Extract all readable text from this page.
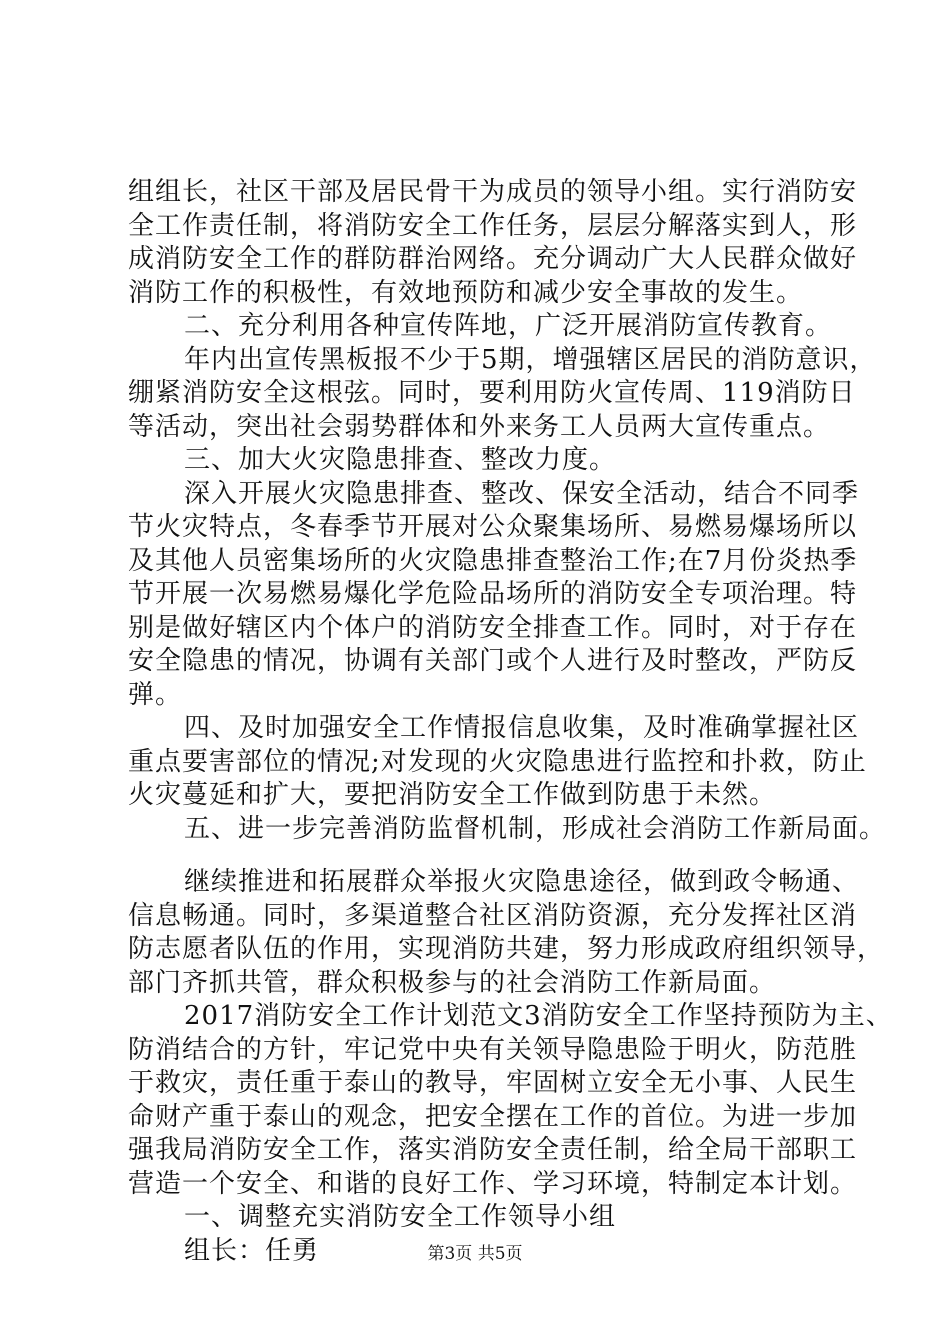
组组长，社区干部及居民骨干为成员的领导小组。实行消防安
全工作责任制，将消防安全工作任务，层层分解落实到人，形
成消防安全工作的群防群治网络。充分调动广大人民群众做好
消防工作的积极性，有效地预防和减少安全事故的发生。
二、充分利用各种宣传阵地，广泛开展消防宣传教育。
年内出宣传黑板报不少于5期，增强辖区居民的消防意识，
绷紧消防安全这根弦。同时，要利用防火宣传周、119消防日
等活动，突出社会弱势群体和外来务工人员两大宣传重点。
三、加大火灾隐患排查、整改力度。
深入开展火灾隐患排查、整改、保安全活动，结合不同季
节火灾特点，冬春季节开展对公众聚集场所、易燃易爆场所以
及其他人员密集场所的火灾隐患排查整治工作;在7月份炎热季
节开展一次易燃易爆化学危险品场所的消防安全专项治理。特
别是做好辖区内个体户的消防安全排查工作。同时，对于存在
安全隐患的情况，协调有关部门或个人进行及时整改，严防反
弹。
四、及时加强安全工作情报信息收集，及时准确掌握社区
重点要害部位的情况;对发现的火灾隐患进行监控和扑救，防止
火灾蔓延和扩大，要把消防安全工作做到防患于未然。
五、进一步完善消防监督机制，形成社会消防工作新局面。
继续推进和拓展群众举报火灾隐患途径，做到政令畅通、
信息畅通。同时，多渠道整合社区消防资源，充分发挥社区消
防志愿者队伍的作用，实现消防共建，努力形成政府组织领导，
部门齐抓共管，群众积极参与的社会消防工作新局面。
2017消防安全工作计划范文3消防安全工作坚持预防为主、
防消结合的方针，牢记党中央有关领导隐患险于明火，防范胜
于救灾，责任重于泰山的教导，牢固树立安全无小事、人民生
命财产重于泰山的观念，把安全摆在工作的首位。为进一步加
强我局消防安全工作，落实消防安全责任制，给全局干部职工
营造一个安全、和谐的良好工作、学习环境，特制定本计划。
一、调整充实消防安全工作领导小组
组长：任勇	第3页 共5页
